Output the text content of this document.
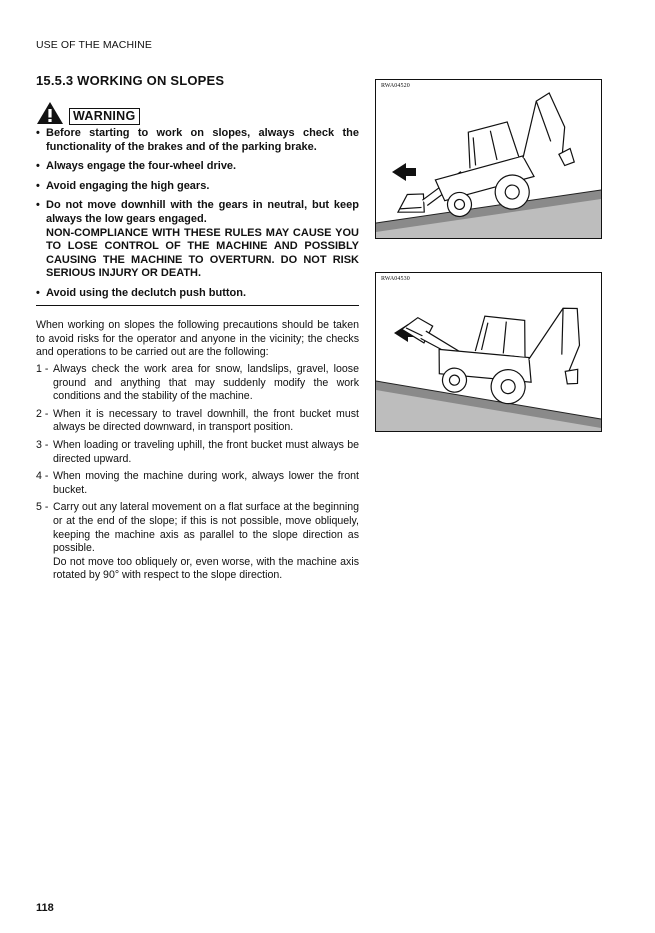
USE OF THE MACHINE
15.5.3 WORKING ON SLOPES
WARNING
• Before starting to work on slopes, always check the functionality of the brakes and of the parking brake.
• Always engage the four-wheel drive.
• Avoid engaging the high gears.
• Do not move downhill with the gears in neutral, but keep always the low gears engaged.
NON-COMPLIANCE WITH THESE RULES MAY CAUSE YOU TO LOSE CONTROL OF THE MACHINE AND POSSIBLY CAUSING THE MACHINE TO OVERTURN. DO NOT RISK SERIOUS INJURY OR DEATH.
• Avoid using the declutch push button.

When working on slopes the following precautions should be taken to avoid risks for the operator and anyone in the vicinity; the checks and operations to be carried out are the following:

1 - Always check the work area for snow, landslips, gravel, loose ground and anything that may suddenly modify the work conditions and the stability of the machine.
2 - When it is necessary to travel downhill, the front bucket must always be directed downward, in transport position.
3 - When loading or traveling uphill, the front bucket must always be directed upward.
4 - When moving the machine during work, always lower the front bucket.
5 - Carry out any lateral movement on a flat surface at the beginning or at the end of the slope; if this is not possible, move obliquely, keeping the machine axis as parallel to the slope direction as possible.
Do not move too obliquely or, even worse, with the machine axis rotated by 90° with respect to the slope direction.
RWA04520
RWA04530
118
